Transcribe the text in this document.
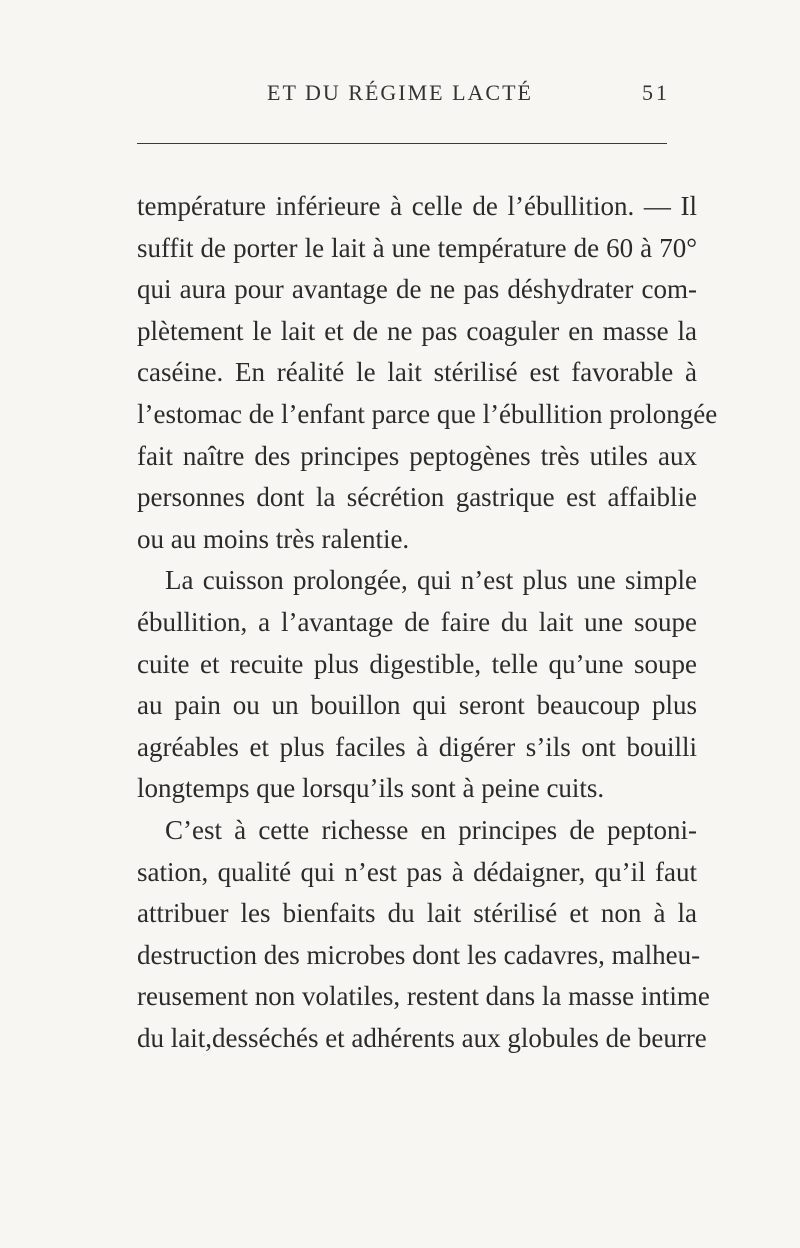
ET DU RÉGIME LACTÉ	51
température inférieure à celle de l’ébullition. — Il
suffit de porter le lait à une température de 60 à 70°
qui aura pour avantage de ne pas déshydrater com-
plètement le lait et de ne pas coaguler en masse la
caséine. En réalité le lait stérilisé est favorable à
l’estomac de l’enfant parce que l’ébullition prolongée
fait naître des principes peptogènes très utiles aux
personnes dont la sécrétion gastrique est affaiblie
ou au moins très ralentie.
La cuisson prolongée, qui n’est plus une simple
ébullition, a l’avantage de faire du lait une soupe
cuite et recuite plus digestible, telle qu’une soupe
au pain ou un bouillon qui seront beaucoup plus
agréables et plus faciles à digérer s’ils ont bouilli
longtemps que lorsqu’ils sont à peine cuits.
C’est à cette richesse en principes de peptoni-
sation, qualité qui n’est pas à dédaigner, qu’il faut
attribuer les bienfaits du lait stérilisé et non à la
destruction des microbes dont les cadavres, malheu-
reusement non volatiles, restent dans la masse intime
du lait,desséchés et adhérents aux globules de beurre
